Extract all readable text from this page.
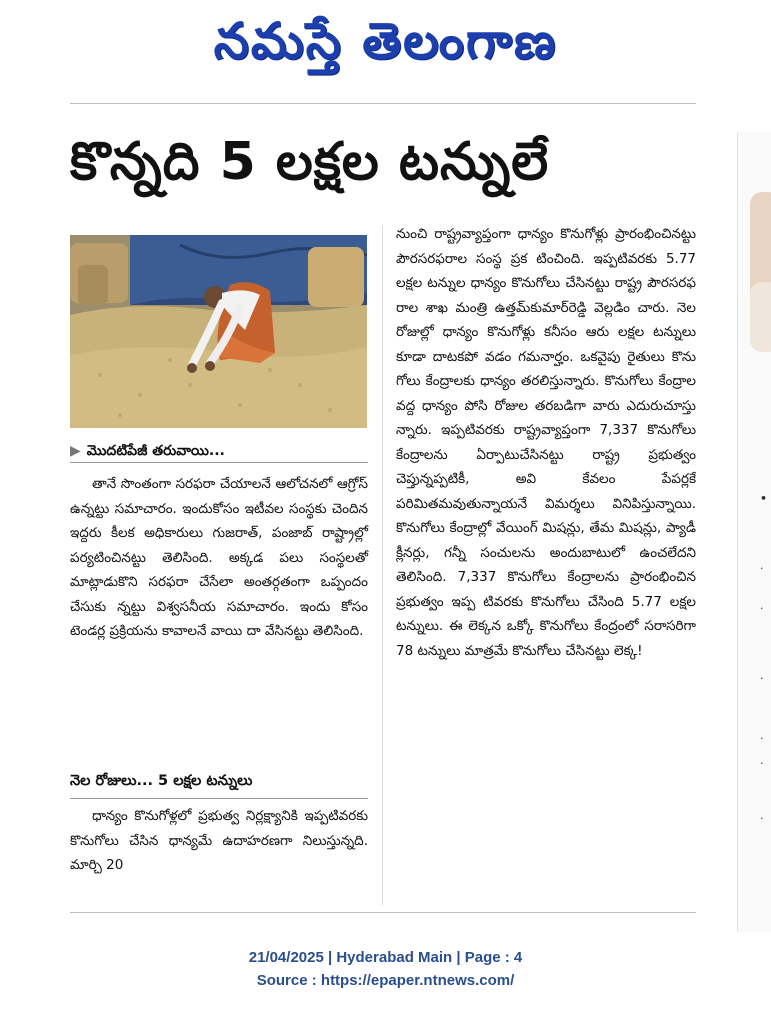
నమస్తే తెలంగాణ
కొన్నది 5 లక్షల టన్నులే
▶ మొదటిపేజీ తరువాయి...

తానే సొంతంగా సరఫరా చేయాలనే ఆలోచనలో ఆగ్రోస్ ఉన్నట్టు సమాచారం. ఇందుకోసం ఇటీవల సంస్థకు చెందిన ఇద్దరు కీలక అధికారులు గుజరాత్, పంజాబ్ రాష్ట్రాల్లో పర్యటించినట్టు తెలిసింది. అక్కడ పలు సంస్థలతో మాట్లాడుకొని సరఫరా చేసేలా అంతర్గతంగా ఒప్పందం చేసుకు న్నట్టు విశ్వసనీయ సమాచారం. ఇందు కోసం టెండర్ల ప్రక్రియను కావాలనే వాయి దా వేసినట్టు తెలిసింది.

నెల రోజులు... 5 లక్షల టన్నులు

ధాన్యం కొనుగోళ్లలో ప్రభుత్వ నిర్లక్ష్యానికి ఇప్పటివరకు కొనుగోలు చేసిన ధాన్యమే ఉదాహరణగా నిలుస్తున్నది. మార్చి 20

నుంచి రాష్ట్రవ్యాప్తంగా ధాన్యం కొనుగోళ్లు ప్రారంభించినట్టు పౌరసరఫరాల సంస్థ ప్రక టించింది. ఇప్పటివరకు 5.77 లక్షల టన్నుల ధాన్యం కొనుగోలు చేసినట్టు రాష్ట్ర పౌరసరఫ రాల శాఖ మంత్రి ఉత్తమ్‌కుమార్‌రెడ్డి వెల్లడిం చారు. నెల రోజుల్లో ధాన్యం కొనుగోళ్లు కనీసం ఆరు లక్షల టన్నులు కూడా దాటకపో వడం గమనార్హం. ఒకవైపు రైతులు కొను గోలు కేంద్రాలకు ధాన్యం తరలిస్తున్నారు. కొనుగోలు కేంద్రాల వద్ద ధాన్యం పోసి రోజుల తరబడిగా వారు ఎదురుచూస్తు న్నారు. ఇప్పటివరకు రాష్ట్రవ్యాప్తంగా 7,337 కొనుగోలు కేంద్రాలను ఏర్పాటుచేసినట్టు రాష్ట్ర ప్రభుత్వం చెప్తున్నప్పటికీ, అవి కేవలం	పేపర్లకే పరిమితమవుతున్నాయనే విమర్శలు వినిపిస్తున్నాయి. కొనుగోలు కేంద్రాల్లో వేయింగ్ మిషన్లు, తేమ మిషన్లు, ప్యాడీ క్లీనర్లు, గన్నీ సంచులను అందుబాటులో ఉంచలేదని తెలిసింది. 7,337 కొనుగోలు కేంద్రాలను ప్రారంభించిన ప్రభుత్వం ఇప్ప టివరకు కొనుగోలు చేసింది 5.77 లక్షల టన్నులు. ఈ లెక్కన ఒక్కో కొనుగోలు కేంద్రంలో సరాసరిగా 78 టన్నులు మాత్రమే కొనుగోలు చేసినట్టు లెక్క!

•
·
·
·
·
·
·
21/04/2025 | Hyderabad Main | Page : 4
Source : https://epaper.ntnews.com/
